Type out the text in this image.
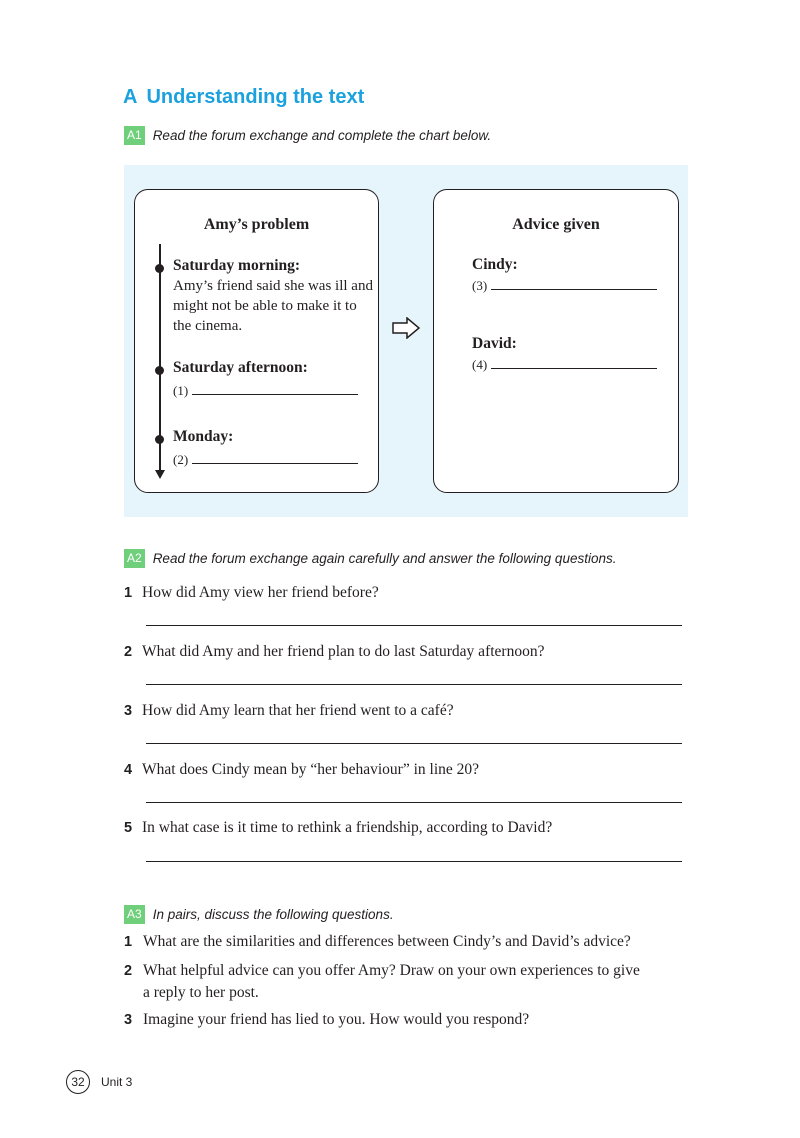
A Understanding the text
A1 Read the forum exchange and complete the chart below.
Amy’s problem
Saturday morning:
Amy’s friend said she was ill and might not be able to make it to the cinema.
Saturday afternoon:
(1)
Monday:
(2)
Advice given
Cindy:
(3)
David:
(4)
A2 Read the forum exchange again carefully and answer the following questions.
1 How did Amy view her friend before?
2 What did Amy and her friend plan to do last Saturday afternoon?
3 How did Amy learn that her friend went to a café?
4 What does Cindy mean by “her behaviour” in line 20?
5 In what case is it time to rethink a friendship, according to David?
A3 In pairs, discuss the following questions.
1 What are the similarities and differences between Cindy’s and David’s advice?
2 What helpful advice can you offer Amy? Draw on your own experiences to give
a reply to her post.
3 Imagine your friend has lied to you. How would you respond?
32	Unit 3
